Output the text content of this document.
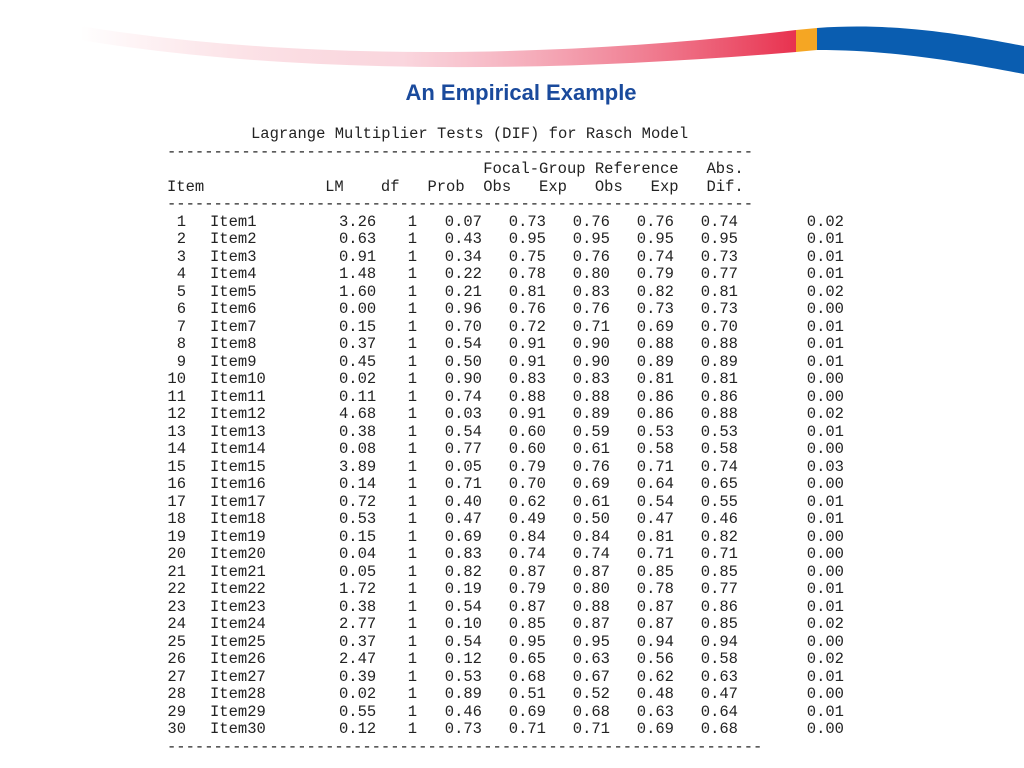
An Empirical Example
Lagrange Multiplier Tests (DIF) for Rasch Model
---------------------------------------------------------------
Focal-Group Reference   Abs.
Item             LM    df   Prob  Obs   Exp   Obs   Exp   Dif.
---------------------------------------------------------------
1 Item1	3.26 1 0.07 0.73 0.76 0.76 0.74	0.02
2 Item2	0.63 1 0.43 0.95 0.95 0.95 0.95	0.01
3 Item3	0.91 1 0.34 0.75 0.76 0.74 0.73	0.01
4 Item4	1.48 1 0.22 0.78 0.80 0.79 0.77	0.01
5 Item5	1.60 1 0.21 0.81 0.83 0.82 0.81	0.02
6 Item6	0.00 1 0.96 0.76 0.76 0.73 0.73	0.00
7 Item7	0.15 1 0.70 0.72 0.71 0.69 0.70	0.01
8 Item8	0.37 1 0.54 0.91 0.90 0.88 0.88	0.01
9 Item9	0.45 1 0.50 0.91 0.90 0.89 0.89	0.01
10 Item10	0.02 1 0.90 0.83 0.83 0.81 0.81	0.00
11 Item11	0.11 1 0.74 0.88 0.88 0.86 0.86	0.00
12 Item12	4.68 1 0.03 0.91 0.89 0.86 0.88	0.02
13 Item13	0.38 1 0.54 0.60 0.59 0.53 0.53	0.01
14 Item14	0.08 1 0.77 0.60 0.61 0.58 0.58	0.00
15 Item15	3.89 1 0.05 0.79 0.76 0.71 0.74	0.03
16 Item16	0.14 1 0.71 0.70 0.69 0.64 0.65	0.00
17 Item17	0.72 1 0.40 0.62 0.61 0.54 0.55	0.01
18 Item18	0.53 1 0.47 0.49 0.50 0.47 0.46	0.01
19 Item19	0.15 1 0.69 0.84 0.84 0.81 0.82	0.00
20 Item20	0.04 1 0.83 0.74 0.74 0.71 0.71	0.00
21 Item21	0.05 1 0.82 0.87 0.87 0.85 0.85	0.00
22 Item22	1.72 1 0.19 0.79 0.80 0.78 0.77	0.01
23 Item23	0.38 1 0.54 0.87 0.88 0.87 0.86	0.01
24 Item24	2.77 1 0.10 0.85 0.87 0.87 0.85	0.02
25 Item25	0.37 1 0.54 0.95 0.95 0.94 0.94	0.00
26 Item26	2.47 1 0.12 0.65 0.63 0.56 0.58	0.02
27 Item27	0.39 1 0.53 0.68 0.67 0.62 0.63	0.01
28 Item28	0.02 1 0.89 0.51 0.52 0.48 0.47	0.00
29 Item29	0.55 1 0.46 0.69 0.68 0.63 0.64	0.01
30 Item30	0.12 1 0.73 0.71 0.71 0.69 0.68	0.00
----------------------------------------------------------------
